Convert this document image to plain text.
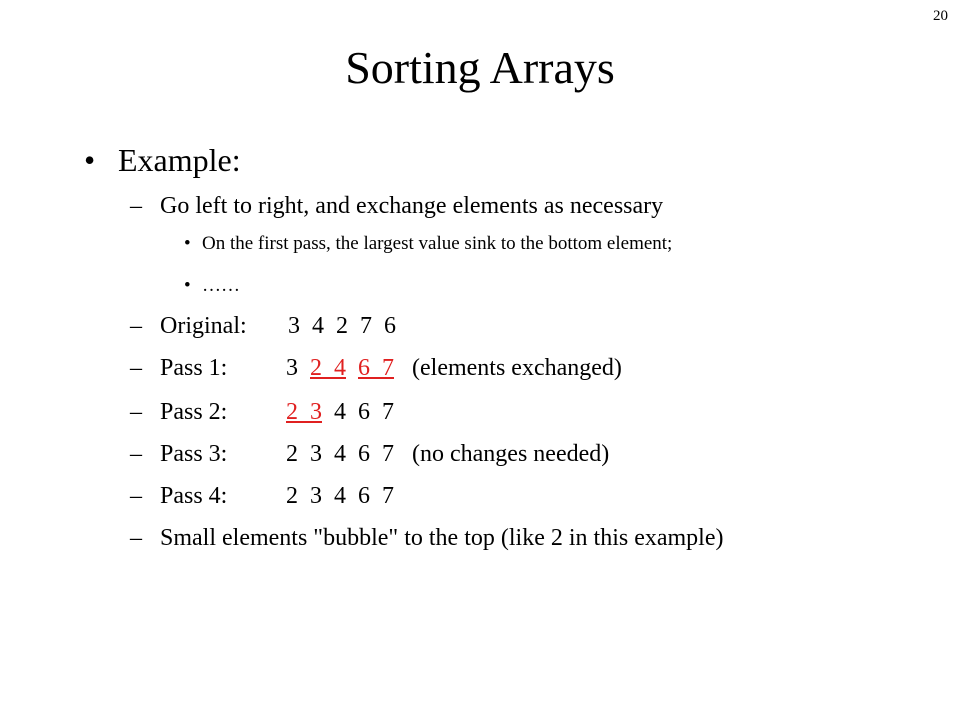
20
Sorting Arrays
• Example:
– Go left to right, and exchange elements as necessary
• On the first pass, the largest value sink to the bottom element;
• ……
– Original: 3  4  2  7  6
– Pass 1: 3  2  4 6  7 (elements exchanged)
– Pass 2: 2  3  4  6  7
– Pass 3: 2  3  4  6  7 (no changes needed)
– Pass 4: 2  3  4  6  7
– Small elements "bubble" to the top (like 2 in this example)
